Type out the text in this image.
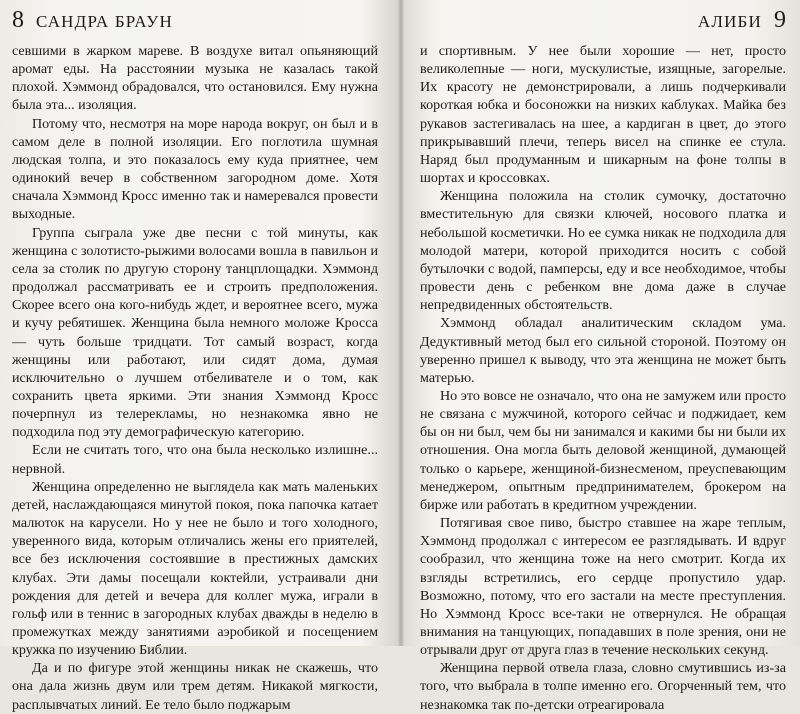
8 САНДРА БРАУН

севшими в жарком мареве. В воздухе витал опьяняющий аромат еды. На расстоянии музыка не казалась такой плохой. Хэммонд обрадовался, что остановился. Ему нужна была эта... изоляция.

Потому что, несмотря на море народа вокруг, он был и в самом деле в полной изоляции. Его поглотила шумная людская толпа, и это показалось ему куда приятнее, чем одинокий вечер в собственном загородном доме. Хотя сначала Хэммонд Кросс именно так и намеревался провести выходные.

Группа сыграла уже две песни с той минуты, как женщина с золотисто-рыжими волосами вошла в павильон и села за столик по другую сторону танцплощадки. Хэммонд продолжал рассматривать ее и строить предположения. Скорее всего она кого-нибудь ждет, и вероятнее всего, мужа и кучу ребятишек. Женщина была немного моложе Кросса — чуть больше тридцати. Тот самый возраст, когда женщины или работают, или сидят дома, думая исключительно о лучшем отбеливателе и о том, как сохранить цвета яркими. Эти знания Хэммонд Кросс почерпнул из телерекламы, но незнакомка явно не подходила под эту демографическую категорию.

Если не считать того, что она была несколько излишне... нервной.

Женщина определенно не выглядела как мать маленьких детей, наслаждающаяся минутой покоя, пока папочка катает малюток на карусели. Но у нее не было и того холодного, уверенного вида, которым отличались жены его приятелей, все без исключения состоявшие в престижных дамских клубах. Эти дамы посещали коктейли, устраивали дни рождения для детей и вечера для коллег мужа, играли в гольф или в теннис в загородных клубах дважды в неделю в промежутках между занятиями аэробикой и посещением кружка по изучению Библии.

Да и по фигуре этой женщины никак не скажешь, что она дала жизнь двум или трем детям. Никакой мягкости, расплывчатых линий. Ее тело было поджарым

АЛИБИ 9

и спортивным. У нее были хорошие — нет, просто великолепные — ноги, мускулистые, изящные, загорелые. Их красоту не демонстрировали, а лишь подчеркивали короткая юбка и босоножки на низких каблуках. Майка без рукавов застегивалась на шее, а кардиган в цвет, до этого прикрывавший плечи, теперь висел на спинке ее стула. Наряд был продуманным и шикарным на фоне толпы в шортах и кроссовках.

Женщина положила на столик сумочку, достаточно вместительную для связки ключей, носового платка и небольшой косметички. Но ее сумка никак не подходила для молодой матери, которой приходится носить с собой бутылочки с водой, памперсы, еду и все необходимое, чтобы провести день с ребенком вне дома даже в случае непредвиденных обстоятельств.

Хэммонд обладал аналитическим складом ума. Дедуктивный метод был его сильной стороной. Поэтому он уверенно пришел к выводу, что эта женщина не может быть матерью.

Но это вовсе не означало, что она не замужем или просто не связана с мужчиной, которого сейчас и поджидает, кем бы он ни был, чем бы ни занимался и какими бы ни были их отношения. Она могла быть деловой женщиной, думающей только о карьере, женщиной-бизнесменом, преуспевающим менеджером, опытным предпринимателем, брокером на бирже или работать в кредитном учреждении.

Потягивая свое пиво, быстро ставшее на жаре теплым, Хэммонд продолжал с интересом ее разглядывать. И вдруг сообразил, что женщина тоже на него смотрит. Когда их взгляды встретились, его сердце пропустило удар. Возможно, потому, что его застали на месте преступления. Но Хэммонд Кросс все-таки не отвернулся. Не обращая внимания на танцующих, попадавших в поле зрения, они не отрывали друг от друга глаз в течение нескольких секунд.

Женщина первой отвела глаза, словно смутившись из-за того, что выбрала в толпе именно его. Огорченный тем, что незнакомка так по-детски отреагировала
